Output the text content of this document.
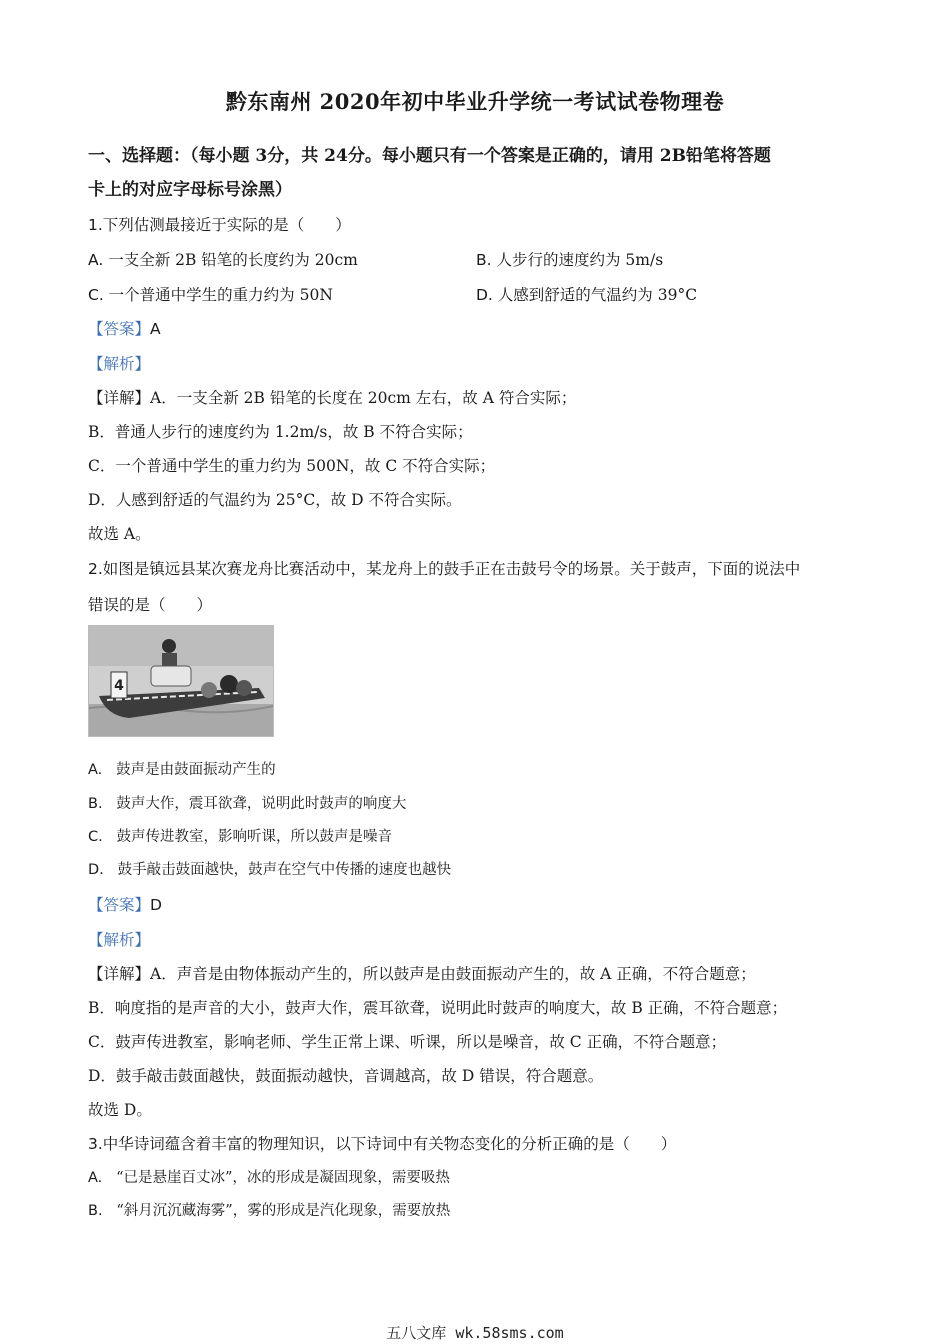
黔东南州 2020年初中毕业升学统一考试试卷物理卷
一、选择题：（每小题 3分，共 24分。每小题只有一个答案是正确的，请用 2B铅笔将答题
卡上的对应字母标号涂黑）
1.下列估测最接近于实际的是（　　）
A. 一支全新 2B 铅笔的长度约为 20cm	B. 人步行的速度约为 5m/s
C. 一个普通中学生的重力约为 50N	D. 人感到舒适的气温约为 39°C
【答案】A
【解析】
【详解】A．一支全新 2B 铅笔的长度在 20cm 左右，故 A 符合实际；
B．普通人步行的速度约为 1.2m/s，故 B 不符合实际；
C．一个普通中学生的重力约为 500N，故 C 不符合实际；
D．人感到舒适的气温约为 25°C，故 D 不符合实际。
故选 A。
2.如图是镇远县某次赛龙舟比赛活动中，某龙舟上的鼓手正在击鼓号令的场景。关于鼓声，下面的说法中
错误的是（　　）
4
A. 鼓声是由鼓面振动产生的
B. 鼓声大作，震耳欲聋，说明此时鼓声的响度大
C. 鼓声传进教室，影响听课，所以鼓声是噪音
D. 鼓手敲击鼓面越快，鼓声在空气中传播的速度也越快
【答案】D
【解析】
【详解】A．声音是由物体振动产生的，所以鼓声是由鼓面振动产生的，故 A 正确，不符合题意；
B．响度指的是声音的大小，鼓声大作，震耳欲聋，说明此时鼓声的响度大，故 B 正确，不符合题意；
C．鼓声传进教室，影响老师、学生正常上课、听课，所以是噪音，故 C 正确，不符合题意；
D．鼓手敲击鼓面越快，鼓面振动越快，音调越高，故 D 错误，符合题意。
故选 D。
3.中华诗词蕴含着丰富的物理知识，以下诗词中有关物态变化的分析正确的是（　　）
A. “已是悬崖百丈冰”，冰的形成是凝固现象，需要吸热
B. “斜月沉沉藏海雾”，雾的形成是汽化现象，需要放热
五八文库 wk.58sms.com
